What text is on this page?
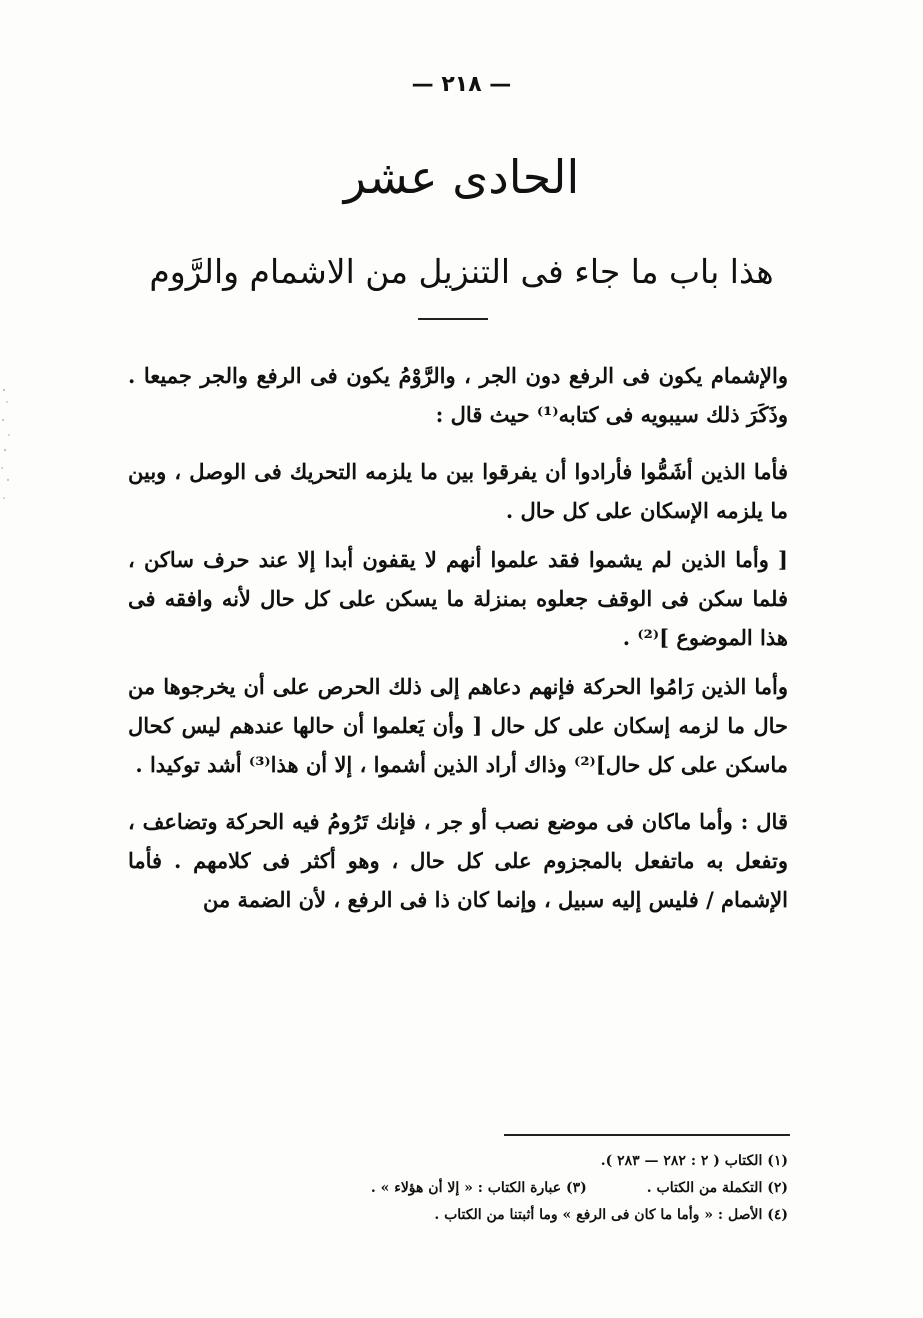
— ٢١٨ —
الحادى عشر
هذا باب ما جاء فى التنزيل من الاشمام والرَّوم

والإشمام يكون فى الرفع دون الجر ، والرَّوْمُ يكون فى الرفع والجر جميعا . وذَكَرَ ذلك سيبويه فى كتابه⁽¹⁾ حيث قال :

فأما الذين أشَمُّوا فأرادوا أن يفرقوا بين ما يلزمه التحريك فى الوصل ، وبين ما يلزمه الإسكان على كل حال .

[ وأما الذين لم يشموا فقد علموا أنهم لا يقفون أبدا إلا عند حرف ساكن ، فلما سكن فى الوقف جعلوه بمنزلة ما يسكن على كل حال لأنه وافقه فى هذا الموضوع ]⁽²⁾ .

وأما الذين رَامُوا الحركة فإنهم دعاهم إلى ذلك الحرص على أن يخرجوها من حال ما لزمه إسكان على كل حال [ وأن يَعلموا أن حالها عندهم ليس كحال ماسكن على كل حال]⁽²⁾ وذاك أراد الذين أشموا ، إلا أن هذا⁽³⁾ أشد توكيدا .

قال : وأما ماكان فى موضع نصب أو جر ، فإنك تَرُومُ فيه الحركة وتضاعف ، وتفعل به ماتفعل بالمجزوم على كل حال ، وهو أكثر فى كلامهم . فأما الإشمام / فليس إليه سبيل ، وإنما كان ذا فى الرفع ، لأن الضمة من

(١) الكتاب ( ٢ : ٢٨٢ — ٢٨٣ ).
(٢) التكملة من الكتاب .
(٣) عبارة الكتاب : « إلا أن هؤلاء » .
(٤) الأصل : « وأما ما كان فى الرفع » وما أثبتنا من الكتاب .
